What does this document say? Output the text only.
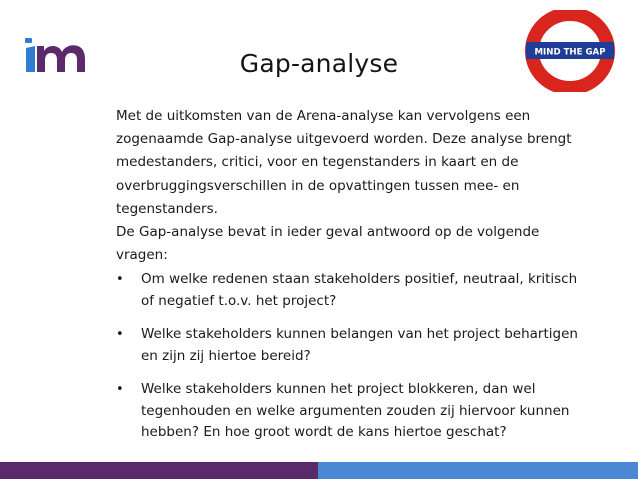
MIND THE GAP
Gap-analyse

Met de uitkomsten van de Arena-analyse kan vervolgens een
zogenaamde Gap-analyse uitgevoerd worden. Deze analyse brengt
medestanders, critici, voor en tegenstanders in kaart en de
overbruggingsverschillen in de opvattingen tussen mee- en
tegenstanders.

De Gap-analyse bevat in ieder geval antwoord op de volgende
vragen:

• Om welke redenen staan stakeholders positief, neutraal, kritisch
of negatief t.o.v. het project?
• Welke stakeholders kunnen belangen van het project behartigen
en zijn zij hiertoe bereid?
• Welke stakeholders kunnen het project blokkeren, dan wel
tegenhouden en welke argumenten zouden zij hiervoor kunnen
hebben? En hoe groot wordt de kans hiertoe geschat?
